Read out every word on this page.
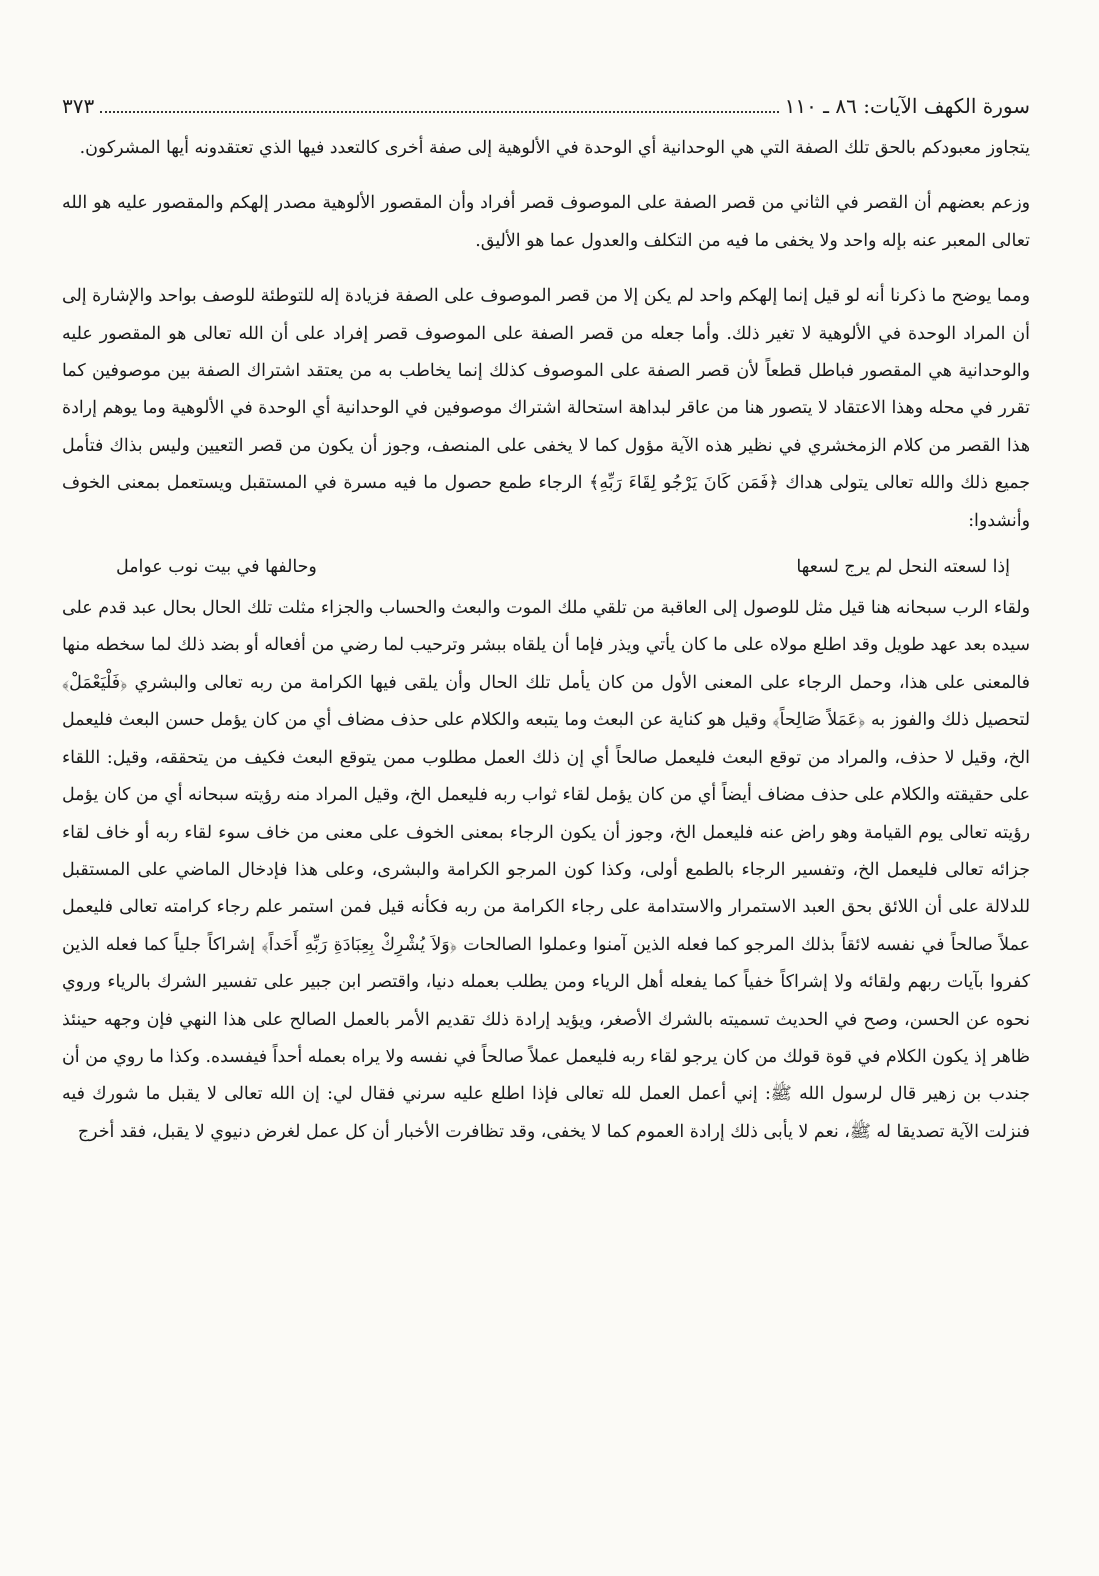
٣٧٣	سورة الكهف الآيات: ٨٦ ـ ١١٠

يتجاوز معبودكم بالحق تلك الصفة التي هي الوحدانية أي الوحدة في الألوهية إلى صفة أخرى كالتعدد فيها الذي تعتقدونه أيها المشركون.

وزعم بعضهم أن القصر في الثاني من قصر الصفة على الموصوف قصر أفراد وأن المقصور الألوهية مصدر إلهكم والمقصور عليه هو الله تعالى المعبر عنه بإله واحد ولا يخفى ما فيه من التكلف والعدول عما هو الأليق.

ومما يوضح ما ذكرنا أنه لو قيل إنما إلهكم واحد لم يكن إلا من قصر الموصوف على الصفة فزيادة إله للتوطئة للوصف بواحد والإشارة إلى أن المراد الوحدة في الألوهية لا تغير ذلك. وأما جعله من قصر الصفة على الموصوف قصر إفراد على أن الله تعالى هو المقصور عليه والوحدانية هي المقصور فباطل قطعاً لأن قصر الصفة على الموصوف كذلك إنما يخاطب به من يعتقد اشتراك الصفة بين موصوفين كما تقرر في محله وهذا الاعتقاد لا يتصور هنا من عاقر لبداهة استحالة اشتراك موصوفين في الوحدانية أي الوحدة في الألوهية وما يوهم إرادة هذا القصر من كلام الزمخشري في نظير هذه الآية مؤول كما لا يخفى على المنصف، وجوز أن يكون من قصر التعيين وليس بذاك فتأمل جميع ذلك والله تعالى يتولى هداك ﴿فَمَن كَانَ يَرْجُو لِقَاءَ رَبِّهِ﴾ الرجاء طمع حصول ما فيه مسرة في المستقبل ويستعمل بمعنى الخوف وأنشدوا:

إذا لسعته النحل لم يرج لسعها
وحالفها في بيت نوب عوامل

ولقاء الرب سبحانه هنا قيل مثل للوصول إلى العاقبة من تلقي ملك الموت والبعث والحساب والجزاء مثلت تلك الحال بحال عبد قدم على سيده بعد عهد طويل وقد اطلع مولاه على ما كان يأتي ويذر فإما أن يلقاه ببشر وترحيب لما رضي من أفعاله أو بضد ذلك لما سخطه منها فالمعنى على هذا، وحمل الرجاء على المعنى الأول من كان يأمل تلك الحال وأن يلقى فيها الكرامة من ربه تعالى والبشري ﴿فَلْيَعْمَلْ﴾ لتحصيل ذلك والفوز به ﴿عَمَلاً صَالِحاً﴾ وقيل هو كناية عن البعث وما يتبعه والكلام على حذف مضاف أي من كان يؤمل حسن البعث فليعمل الخ، وقيل لا حذف، والمراد من توقع البعث فليعمل صالحاً أي إن ذلك العمل مطلوب ممن يتوقع البعث فكيف من يتحققه، وقيل: اللقاء على حقيقته والكلام على حذف مضاف أيضاً أي من كان يؤمل لقاء ثواب ربه فليعمل الخ، وقيل المراد منه رؤيته سبحانه أي من كان يؤمل رؤيته تعالى يوم القيامة وهو راض عنه فليعمل الخ، وجوز أن يكون الرجاء بمعنى الخوف على معنى من خاف سوء لقاء ربه أو خاف لقاء جزائه تعالى فليعمل الخ، وتفسير الرجاء بالطمع أولى، وكذا كون المرجو الكرامة والبشرى، وعلى هذا فإدخال الماضي على المستقبل للدلالة على أن اللائق بحق العبد الاستمرار والاستدامة على رجاء الكرامة من ربه فكأنه قيل فمن استمر علم رجاء كرامته تعالى فليعمل عملاً صالحاً في نفسه لائقاً بذلك المرجو كما فعله الذين آمنوا وعملوا الصالحات ﴿وَلاَ يُشْرِكْ بِعِبَادَةِ رَبِّهِ أَحَداً﴾ إشراكاً جلياً كما فعله الذين كفروا بآيات ربهم ولقائه ولا إشراكاً خفياً كما يفعله أهل الرياء ومن يطلب بعمله دنيا، واقتصر ابن جبير على تفسير الشرك بالرياء وروي نحوه عن الحسن، وصح في الحديث تسميته بالشرك الأصغر، ويؤيد إرادة ذلك تقديم الأمر بالعمل الصالح على هذا النهي فإن وجهه حينئذ ظاهر إذ يكون الكلام في قوة قولك من كان يرجو لقاء ربه فليعمل عملاً صالحاً في نفسه ولا يراه بعمله أحداً فيفسده. وكذا ما روي من أن جندب بن زهير قال لرسول الله ﷺ: إني أعمل العمل لله تعالى فإذا اطلع عليه سرني فقال لي: إن الله تعالى لا يقبل ما شورك فيه فنزلت الآية تصديقا له ﷺ، نعم لا يأبى ذلك إرادة العموم كما لا يخفى، وقد تظافرت الأخبار أن كل عمل لغرض دنيوي لا يقبل، فقد أخرج
